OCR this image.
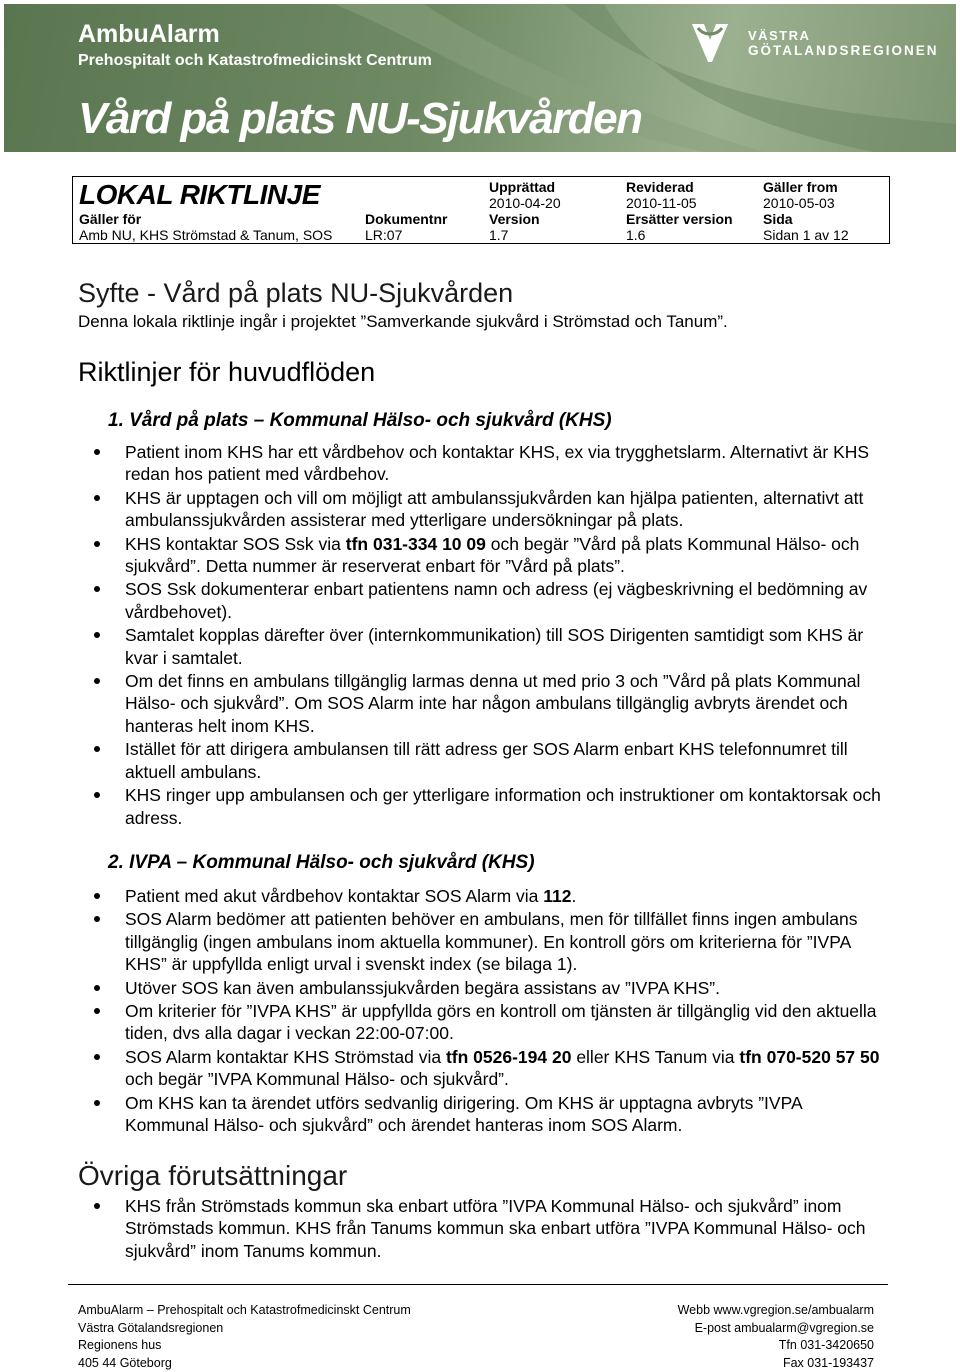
AmbuAlarm
Prehospitalt och Katastrofmedicinskt Centrum
Vård på plats NU-Sjukvården
VÄSTRA
GÖTALANDSREGIONEN
LOKAL RIKTLINJE	Upprättad
2010-04-20
Reviderad
2010-11-05
Gäller from
2010-05-03
Gäller för
Amb NU, KHS Strömstad & Tanum, SOS
Dokumentnr
LR:07
Version
1.7
Ersätter version
1.6
Sida
Sidan 1 av 12
Syfte - Vård på plats NU-Sjukvården
Denna lokala riktlinje ingår i projektet ”Samverkande sjukvård i Strömstad och Tanum”.
Riktlinjer för huvudflöden
1. Vård på plats – Kommunal Hälso- och sjukvård (KHS)
Patient inom KHS har ett vårdbehov och kontaktar KHS, ex via trygghetslarm. Alternativt är KHS redan hos patient med vårdbehov.
KHS är upptagen och vill om möjligt att ambulanssjukvården kan hjälpa patienten, alternativt att ambulanssjukvården assisterar med ytterligare undersökningar på plats.
KHS kontaktar SOS Ssk via tfn 031-334 10 09 och begär ”Vård på plats Kommunal Hälso- och sjukvård”. Detta nummer är reserverat enbart för ”Vård på plats”.
SOS Ssk dokumenterar enbart patientens namn och adress (ej vägbeskrivning el bedömning av vårdbehovet).
Samtalet kopplas därefter över (internkommunikation) till SOS Dirigenten samtidigt som KHS är kvar i samtalet.
Om det finns en ambulans tillgänglig larmas denna ut med prio 3 och ”Vård på plats Kommunal Hälso- och sjukvård”. Om SOS Alarm inte har någon ambulans tillgänglig avbryts ärendet och hanteras helt inom KHS.
Istället för att dirigera ambulansen till rätt adress ger SOS Alarm enbart KHS telefonnumret till aktuell ambulans.
KHS ringer upp ambulansen och ger ytterligare information och instruktioner om kontaktorsak och adress.
2. IVPA – Kommunal Hälso- och sjukvård (KHS)
Patient med akut vårdbehov kontaktar SOS Alarm via 112.
SOS Alarm bedömer att patienten behöver en ambulans, men för tillfället finns ingen ambulans tillgänglig (ingen ambulans inom aktuella kommuner). En kontroll görs om kriterierna för ”IVPA KHS” är uppfyllda enligt urval i svenskt index (se bilaga 1).
Utöver SOS kan även ambulanssjukvården begära assistans av ”IVPA KHS”.
Om kriterier för ”IVPA KHS” är uppfyllda görs en kontroll om tjänsten är tillgänglig vid den aktuella tiden, dvs alla dagar i veckan 22:00-07:00.
SOS Alarm kontaktar KHS Strömstad via tfn 0526-194 20 eller KHS Tanum via tfn 070-520 57 50 och begär ”IVPA Kommunal Hälso- och sjukvård”.
Om KHS kan ta ärendet utförs sedvanlig dirigering. Om KHS är upptagna avbryts ”IVPA Kommunal Hälso- och sjukvård” och ärendet hanteras inom SOS Alarm.
Övriga förutsättningar
KHS från Strömstads kommun ska enbart utföra ”IVPA Kommunal Hälso- och sjukvård” inom Strömstads kommun. KHS från Tanums kommun ska enbart utföra ”IVPA Kommunal Hälso- och sjukvård” inom Tanums kommun.
AmbuAlarm – Prehospitalt och Katastrofmedicinskt Centrum
Västra Götalandsregionen
Regionens hus
405 44 Göteborg
Webb www.vgregion.se/ambualarm
E-post ambualarm@vgregion.se
Tfn 031-3420650
Fax 031-193437
